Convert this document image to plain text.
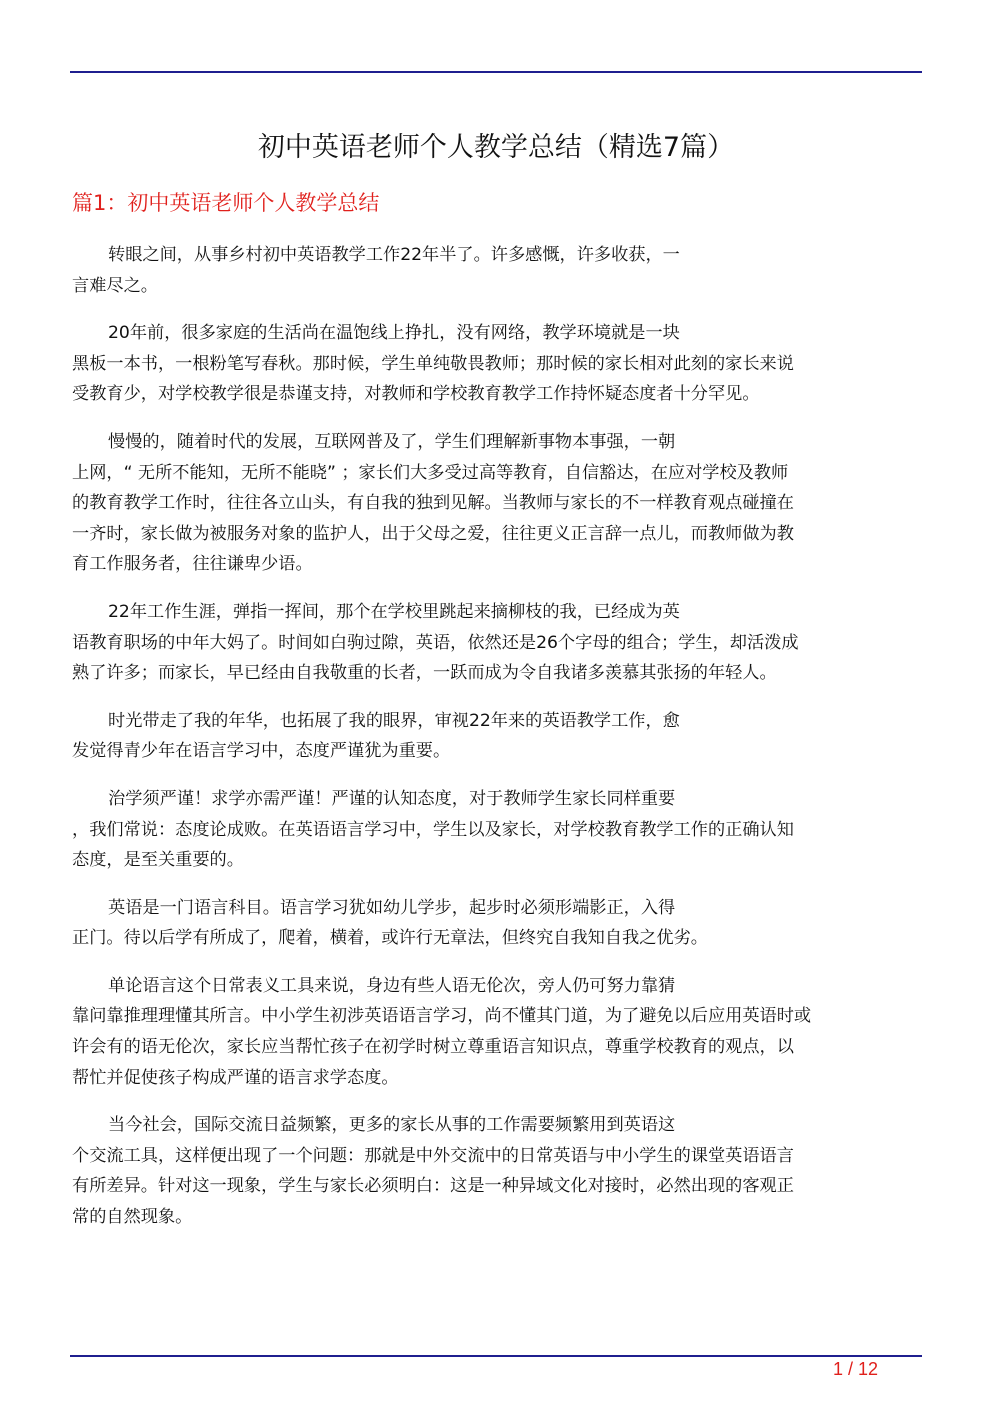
初中英语老师个人教学总结（精选7篇）
篇1：初中英语老师个人教学总结
转眼之间，从事乡村初中英语教学工作22年半了。许多感慨，许多收获，一
言难尽之。
20年前，很多家庭的生活尚在温饱线上挣扎，没有网络，教学环境就是一块
黑板一本书，一根粉笔写春秋。那时候，学生单纯敬畏教师；那时候的家长相对此刻的家长来说
受教育少，对学校教学很是恭谨支持，对教师和学校教育教学工作持怀疑态度者十分罕见。
慢慢的，随着时代的发展，互联网普及了，学生们理解新事物本事强，一朝
上网，“ 无所不能知，无所不能晓” ；家长们大多受过高等教育，自信豁达，在应对学校及教师
的教育教学工作时，往往各立山头，有自我的独到见解。当教师与家长的不一样教育观点碰撞在
一齐时，家长做为被服务对象的监护人，出于父母之爱，往往更义正言辞一点儿，而教师做为教
育工作服务者，往往谦卑少语。
22年工作生涯，弹指一挥间，那个在学校里跳起来摘柳枝的我，已经成为英
语教育职场的中年大妈了。时间如白驹过隙，英语，依然还是26个字母的组合；学生，却活泼成
熟了许多；而家长，早已经由自我敬重的长者，一跃而成为令自我诸多羡慕其张扬的年轻人。
时光带走了我的年华，也拓展了我的眼界，审视22年来的英语教学工作，愈
发觉得青少年在语言学习中，态度严谨犹为重要。
治学须严谨！求学亦需严谨！严谨的认知态度，对于教师学生家长同样重要
，我们常说：态度论成败。在英语语言学习中，学生以及家长，对学校教育教学工作的正确认知
态度，是至关重要的。
英语是一门语言科目。语言学习犹如幼儿学步，起步时必须形端影正，入得
正门。待以后学有所成了，爬着，横着，或许行无章法，但终究自我知自我之优劣。
单论语言这个日常表义工具来说，身边有些人语无伦次，旁人仍可努力靠猜
靠问靠推理理懂其所言。中小学生初涉英语语言学习，尚不懂其门道，为了避免以后应用英语时或
许会有的语无伦次，家长应当帮忙孩子在初学时树立尊重语言知识点，尊重学校教育的观点，以
帮忙并促使孩子构成严谨的语言求学态度。
当今社会，国际交流日益频繁，更多的家长从事的工作需要频繁用到英语这
个交流工具，这样便出现了一个问题：那就是中外交流中的日常英语与中小学生的课堂英语语言
有所差异。针对这一现象，学生与家长必须明白：这是一种异域文化对接时，必然出现的客观正
常的自然现象。
1 / 12
